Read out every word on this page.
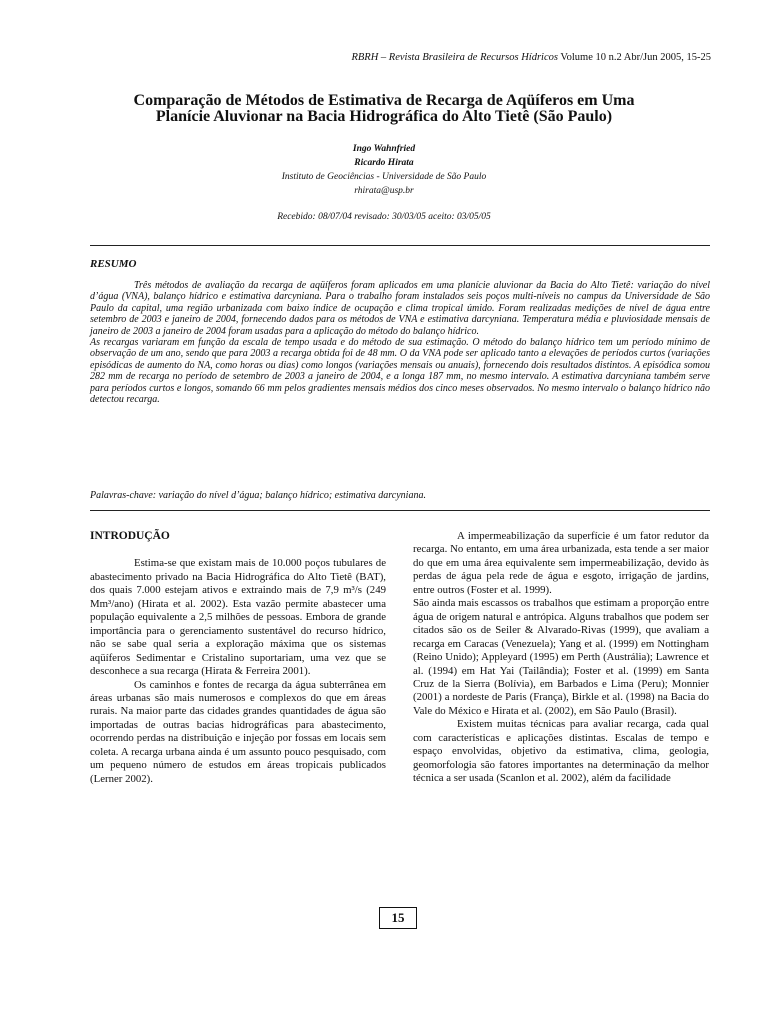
RBRH – Revista Brasileira de Recursos Hídricos Volume 10 n.2 Abr/Jun 2005, 15-25
Comparação de Métodos de Estimativa de Recarga de Aqüíferos em Uma
Planície Aluvionar na Bacia Hidrográfica do Alto Tietê (São Paulo)
Ingo Wahnfried
Ricardo Hirata
Instituto de Geociências - Universidade de São Paulo
rhirata@usp.br
Recebido: 08/07/04 revisado: 30/03/05 aceito: 03/05/05
RESUMO

Três métodos de avaliação da recarga de aqüíferos foram aplicados em uma planície aluvionar da Bacia do Alto Tietê: variação do nível d’água (VNA), balanço hídrico e estimativa darcyniana. Para o trabalho foram instalados seis poços multi-níveis no campus da Universidade de São Paulo da capital, uma região urbanizada com baixo índice de ocupação e clima tropical úmido. Foram realizadas medições de nível de água entre setembro de 2003 e janeiro de 2004, fornecendo dados para os métodos de VNA e estimativa darcyniana. Temperatura média e pluviosidade mensais de janeiro de 2003 a janeiro de 2004 foram usadas para a aplicação do método do balanço hídrico.

As recargas variaram em função da escala de tempo usada e do método de sua estimação. O método do balanço hídrico tem um período mínimo de observação de um ano, sendo que para 2003 a recarga obtida foi de 48 mm. O da VNA pode ser aplicado tanto a elevações de períodos curtos (variações episódicas de aumento do NA, como horas ou dias) como longos (variações mensais ou anuais), fornecendo dois resultados distintos. A episódica somou 282 mm de recarga no período de setembro de 2003 a janeiro de 2004, e a longa 187 mm, no mesmo intervalo. A estimativa darcyniana também serve para períodos curtos e longos, somando 66 mm pelos gradientes mensais médios dos cinco meses observados. No mesmo intervalo o balanço hídrico não detectou recarga.

Palavras-chave: variação do nível d’água; balanço hídrico; estimativa darcyniana.
INTRODUÇÃO

Estima-se que existam mais de 10.000 poços tubulares de abastecimento privado na Bacia Hidrográfica do Alto Tietê (BAT), dos quais 7.000 estejam ativos e extraindo mais de 7,9 m³/s (249 Mm³/ano) (Hirata et al. 2002). Esta vazão permite abastecer uma população equivalente a 2,5 milhões de pessoas. Embora de grande importância para o gerenciamento sustentável do recurso hídrico, não se sabe qual seria a exploração máxima que os sistemas aqüíferos Sedimentar e Cristalino suportariam, uma vez que se desconhece a sua recarga (Hirata & Ferreira 2001).

Os caminhos e fontes de recarga da água subterrânea em áreas urbanas são mais numerosos e complexos do que em áreas rurais. Na maior parte das cidades grandes quantidades de água são importadas de outras bacias hidrográficas para abastecimento, ocorrendo perdas na distribuição e injeção por fossas em locais sem coleta. A recarga urbana ainda é um assunto pouco pesquisado, com um pequeno número de estudos em áreas tropicais publicados (Lerner 2002).

A impermeabilização da superfície é um fator redutor da recarga. No entanto, em uma área urbanizada, esta tende a ser maior do que em uma área equivalente sem impermeabilização, devido às perdas de água pela rede de água e esgoto, irrigação de jardins, entre outros (Foster et al. 1999).

São ainda mais escassos os trabalhos que estimam a proporção entre água de origem natural e antrópica. Alguns trabalhos que podem ser citados são os de Seiler & Alvarado-Rivas (1999), que avaliam a recarga em Caracas (Venezuela); Yang et al. (1999) em Nottingham (Reino Unido); Appleyard (1995) em Perth (Austrália); Lawrence et al. (1994) em Hat Yai (Tailândia); Foster et al. (1999) em Santa Cruz de la Sierra (Bolívia), em Barbados e Lima (Peru); Monnier (2001) a nordeste de Paris (França), Birkle et al. (1998) na Bacia do Vale do México e Hirata et al. (2002), em São Paulo (Brasil).

Existem muitas técnicas para avaliar recarga, cada qual com características e aplicações distintas. Escalas de tempo e espaço envolvidas, objetivo da estimativa, clima, geologia, geomorfologia são fatores importantes na determinação da melhor técnica a ser usada (Scanlon et al. 2002), além da facilidade

15
